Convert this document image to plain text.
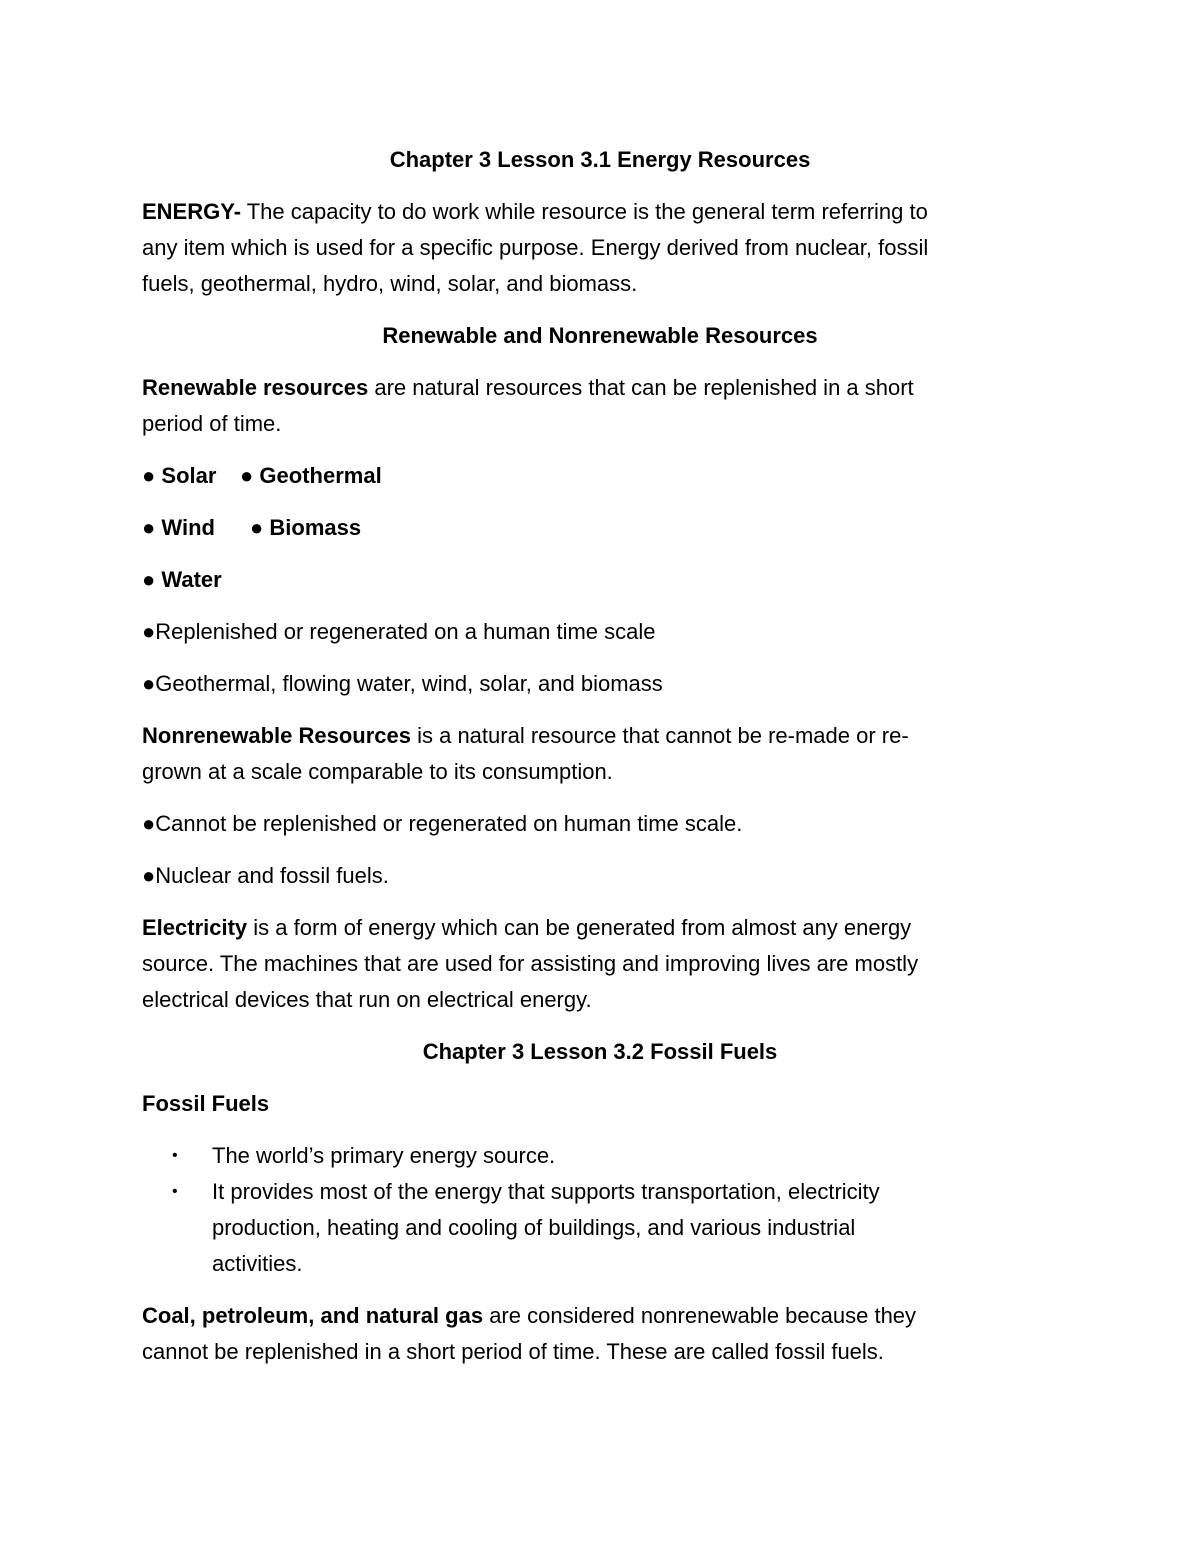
Chapter 3 Lesson 3.1 Energy Resources
ENERGY- The capacity to do work while resource is the general term referring to
any item which is used for a specific purpose. Energy derived from nuclear, fossil
fuels, geothermal, hydro, wind, solar, and biomass.
Renewable and Nonrenewable Resources
Renewable resources are natural resources that can be replenished in a short
period of time.
● Solar ● Geothermal
● Wind ● Biomass
● Water
●Replenished or regenerated on a human time scale
●Geothermal, flowing water, wind, solar, and biomass
Nonrenewable Resources is a natural resource that cannot be re-made or re-
grown at a scale comparable to its consumption.
●Cannot be replenished or regenerated on human time scale.
●Nuclear and fossil fuels.
Electricity is a form of energy which can be generated from almost any energy
source. The machines that are used for assisting and improving lives are mostly
electrical devices that run on electrical energy.
Chapter 3 Lesson 3.2 Fossil Fuels
Fossil Fuels
• The world’s primary energy source.
• It provides most of the energy that supports transportation, electricity
production, heating and cooling of buildings, and various industrial
activities.
Coal, petroleum, and natural gas are considered nonrenewable because they
cannot be replenished in a short period of time. These are called fossil fuels.
